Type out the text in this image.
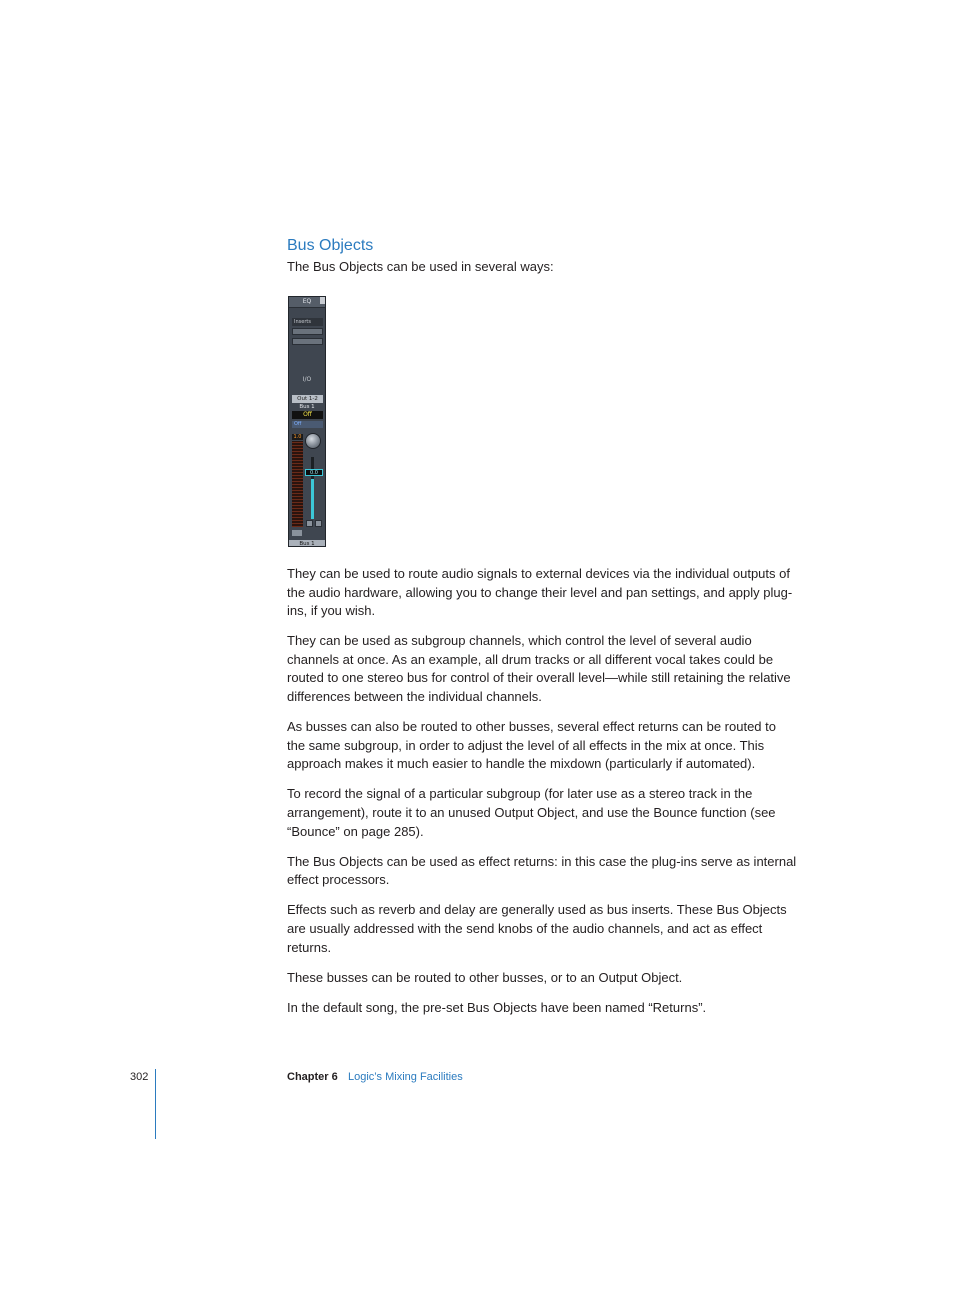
Bus Objects

The Bus Objects can be used in several ways:

EQ
Inserts
I/O
Out 1-2
Bus 1
Off
Off
1.0
0.0
Bus 1

They can be used to route audio signals to external devices via the individual outputs of the audio hardware, allowing you to change their level and pan settings, and apply plug-ins, if you wish.

They can be used as subgroup channels, which control the level of several audio channels at once. As an example, all drum tracks or all different vocal takes could be routed to one stereo bus for control of their overall level—while still retaining the relative differences between the individual channels.

As busses can also be routed to other busses, several effect returns can be routed to the same subgroup, in order to adjust the level of all effects in the mix at once. This approach makes it much easier to handle the mixdown (particularly if automated).

To record the signal of a particular subgroup (for later use as a stereo track in the arrangement), route it to an unused Output Object, and use the Bounce function (see “Bounce” on page 285).

The Bus Objects can be used as effect returns: in this case the plug-ins serve as internal effect processors.

Effects such as reverb and delay are generally used as bus inserts. These Bus Objects are usually addressed with the send knobs of the audio channels, and act as effect returns.

These busses can be routed to other busses, or to an Output Object.

In the default song, the pre-set Bus Objects have been named “Returns”.

302	Chapter 6 Logic’s Mixing Facilities
